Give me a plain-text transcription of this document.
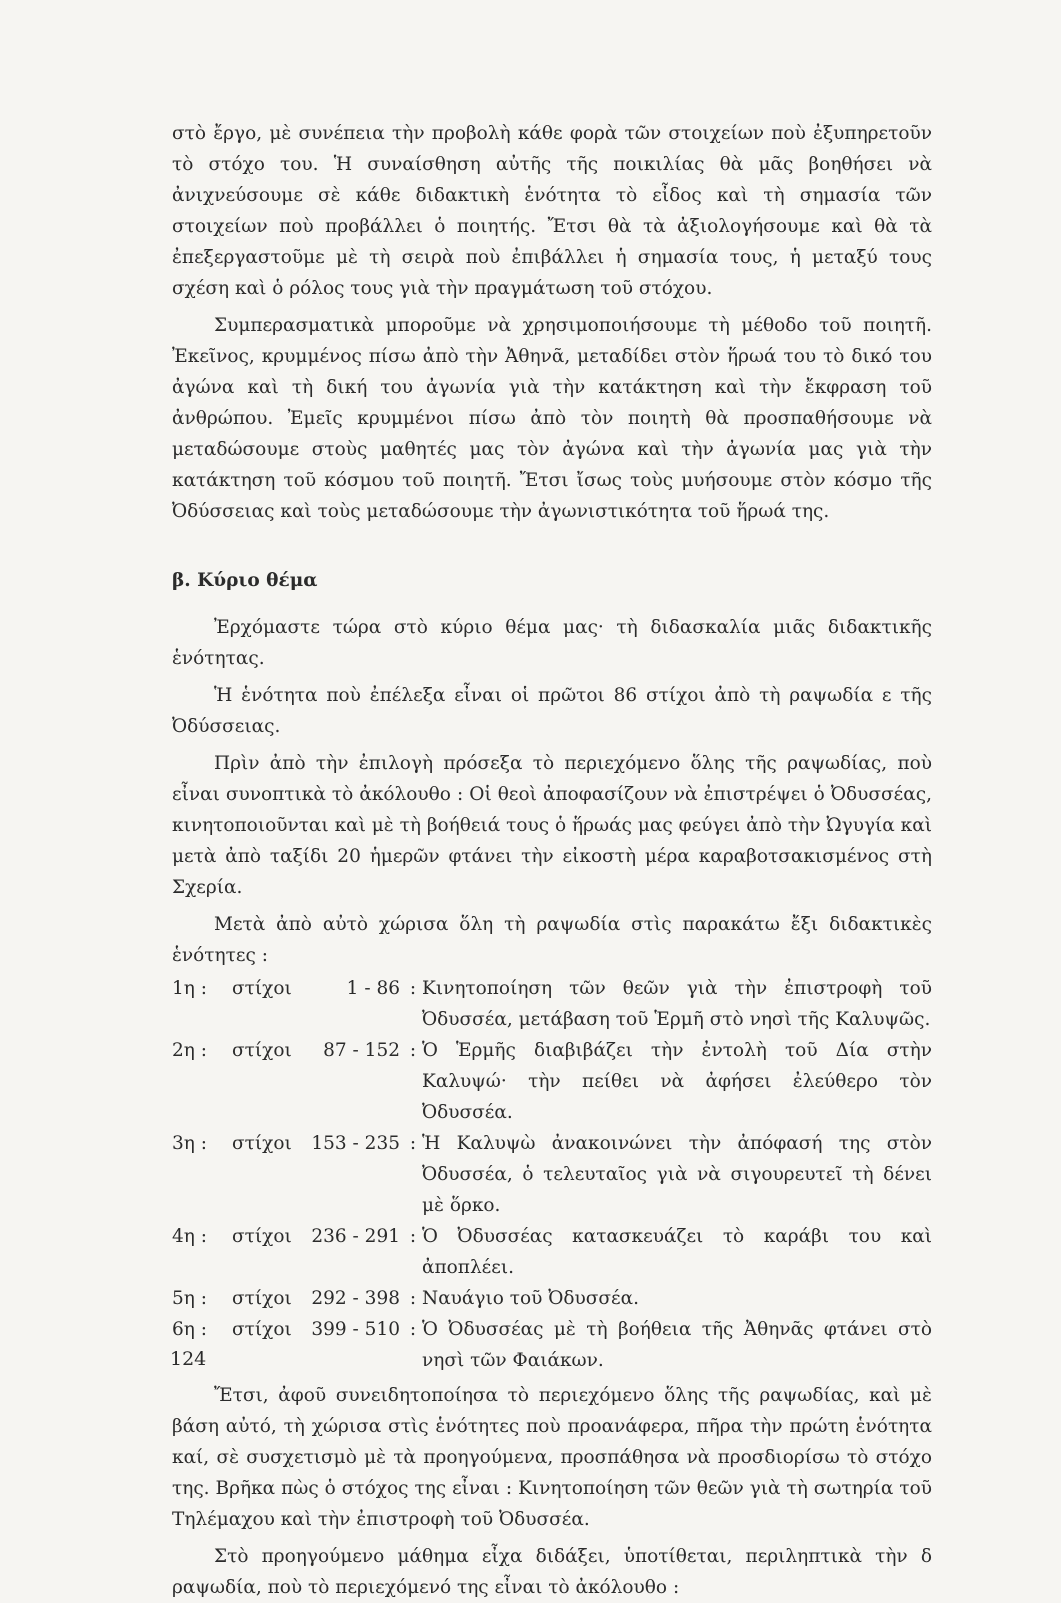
στὸ ἔργο, μὲ συνέπεια τὴν προβολὴ κάθε φορὰ τῶν στοιχείων ποὺ ἐξυπηρετοῦν τὸ στόχο του. Ἡ συναίσθηση αὐτῆς τῆς ποικιλίας θὰ μᾶς βοηθήσει νὰ ἀνιχνεύσουμε σὲ κάθε διδακτικὴ ἑνότητα τὸ εἶδος καὶ τὴ σημασία τῶν στοιχείων ποὺ προβάλλει ὁ ποιητής. Ἔτσι θὰ τὰ ἀξιολογήσουμε καὶ θὰ τὰ ἐπεξεργαστοῦμε μὲ τὴ σειρὰ ποὺ ἐπιβάλλει ἡ σημασία τους, ἡ μεταξύ τους σχέση καὶ ὁ ρόλος τους γιὰ τὴν πραγμάτωση τοῦ στόχου.

Συμπερασματικὰ μποροῦμε νὰ χρησιμοποιήσουμε τὴ μέθοδο τοῦ ποιητῆ. Ἐκεῖνος, κρυμμένος πίσω ἀπὸ τὴν Ἀθηνᾶ, μεταδίδει στὸν ἥρωά του τὸ δικό του ἀγώνα καὶ τὴ δική του ἀγωνία γιὰ τὴν κατάκτηση καὶ τὴν ἔκφραση τοῦ ἀνθρώπου. Ἐμεῖς κρυμμένοι πίσω ἀπὸ τὸν ποιητὴ θὰ προσπαθήσουμε νὰ μεταδώσουμε στοὺς μαθητές μας τὸν ἀγώνα καὶ τὴν ἀγωνία μας γιὰ τὴν κατάκτηση τοῦ κόσμου τοῦ ποιητῆ. Ἔτσι ἴσως τοὺς μυήσουμε στὸν κόσμο τῆς Ὀδύσσειας καὶ τοὺς μεταδώσουμε τὴν ἀγωνιστικότητα τοῦ ἥρωά της.

β. Κύριο θέμα

Ἐρχόμαστε τώρα στὸ κύριο θέμα μας· τὴ διδασκαλία μιᾶς διδακτικῆς ἑνότητας.

Ἡ ἑνότητα ποὺ ἐπέλεξα εἶναι οἱ πρῶτοι 86 στίχοι ἀπὸ τὴ ραψωδία ε τῆς Ὀδύσσειας.

Πρὶν ἀπὸ τὴν ἐπιλογὴ πρόσεξα τὸ περιεχόμενο ὅλης τῆς ραψωδίας, ποὺ εἶναι συνοπτικὰ τὸ ἀκόλουθο : Οἱ θεοὶ ἀποφασίζουν νὰ ἐπιστρέψει ὁ Ὀδυσσέας, κινητοποιοῦνται καὶ μὲ τὴ βοήθειά τους ὁ ἥρωάς μας φεύγει ἀπὸ τὴν Ὠγυγία καὶ μετὰ ἀπὸ ταξίδι 20 ἡμερῶν φτάνει τὴν εἰκοστὴ μέρα καραβοτσακισμένος στὴ Σχερία.

Μετὰ ἀπὸ αὐτὸ χώρισα ὅλη τὴ ραψωδία στὶς παρακάτω ἔξι διδακτικὲς ἑνότητες :

1η :	στίχοι	1 - 86 : Κινητοποίηση τῶν θεῶν γιὰ τὴν ἐπιστροφὴ τοῦ Ὀδυσσέα, μετάβαση τοῦ Ἑρμῆ στὸ νησὶ τῆς Καλυψῶς.
2η :	στίχοι	87 - 152 : Ὁ Ἑρμῆς διαβιβάζει τὴν ἐντολὴ τοῦ Δία στὴν Καλυψώ· τὴν πείθει νὰ ἀφήσει ἐλεύθερο τὸν Ὀδυσσέα.
3η :	στίχοι	153 - 235 : Ἡ Καλυψὼ ἀνακοινώνει τὴν ἀπόφασή της στὸν Ὀδυσσέα, ὁ τελευταῖος γιὰ νὰ σιγουρευτεῖ τὴ δένει μὲ ὅρκο.
4η :	στίχοι	236 - 291 : Ὁ Ὀδυσσέας κατασκευάζει τὸ καράβι του καὶ ἀποπλέει.
5η :	στίχοι	292 - 398 : Ναυάγιο τοῦ Ὀδυσσέα.
6η :	στίχοι	399 - 510 : Ὁ Ὀδυσσέας μὲ τὴ βοήθεια τῆς Ἀθηνᾶς φτάνει στὸ νησὶ τῶν Φαιάκων.

Ἔτσι, ἀφοῦ συνειδητοποίησα τὸ περιεχόμενο ὅλης τῆς ραψωδίας, καὶ μὲ βάση αὐτό, τὴ χώρισα στὶς ἑνότητες ποὺ προανάφερα, πῆρα τὴν πρώτη ἑνότητα καί, σὲ συσχετισμὸ μὲ τὰ προηγούμενα, προσπάθησα νὰ προσδιορίσω τὸ στόχο της. Βρῆκα πὼς ὁ στόχος της εἶναι : Κινητοποίηση τῶν θεῶν γιὰ τὴ σωτηρία τοῦ Τηλέμαχου καὶ τὴν ἐπιστροφὴ τοῦ Ὀδυσσέα.

Στὸ προηγούμενο μάθημα εἶχα διδάξει, ὑποτίθεται, περιληπτικὰ τὴν δ ραψωδία, ποὺ τὸ περιεχόμενό της εἶναι τὸ ἀκόλουθο :

124
